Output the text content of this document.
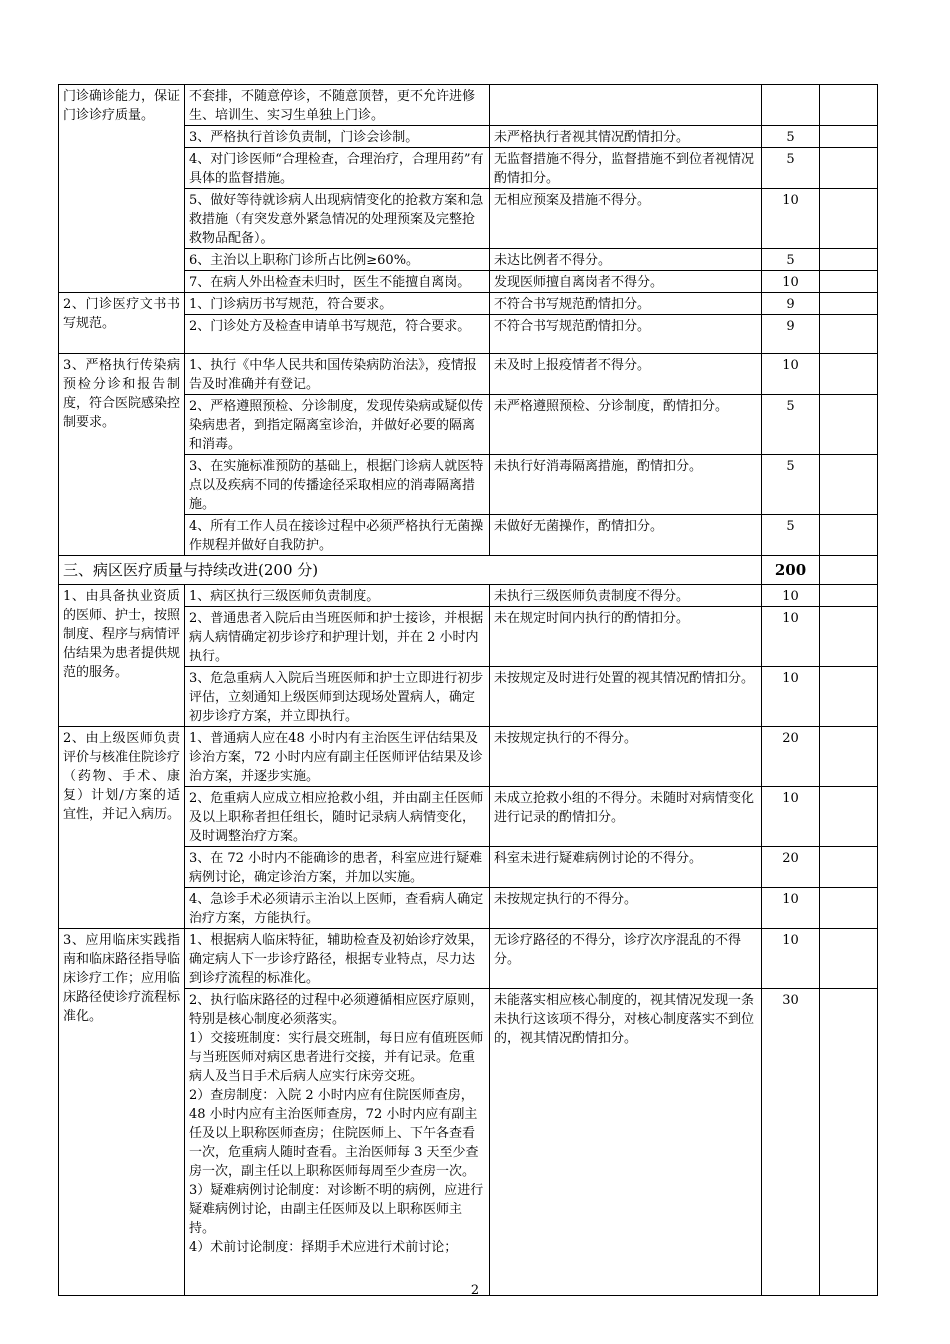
门诊确诊能力，保证门诊诊疗质量。	不套排，不随意停诊，不随意顶替，更不允许进修生、培训生、实习生单独上门诊。			
	3、严格执行首诊负责制，门诊会诊制。	未严格执行者视其情况酌情扣分。	5	
	4、对门诊医师“合理检查，合理治疗，合理用药”有具体的监督措施。	无监督措施不得分，监督措施不到位者视情况酌情扣分。	5	
	5、做好等待就诊病人出现病情变化的抢救方案和急救措施（有突发意外紧急情况的处理预案及完整抢救物品配备）。	无相应预案及措施不得分。	10	
	6、主治以上职称门诊所占比例≥60%。	未达比例者不得分。	5	
	7、在病人外出检查未归时，医生不能擅自离岗。	发现医师擅自离岗者不得分。	10	
2、门诊医疗文书书写规范。	1、门诊病历书写规范，符合要求。	不符合书写规范酌情扣分。	9	
	2、门诊处方及检查申请单书写规范，符合要求。	不符合书写规范酌情扣分。	9	
3、严格执行传染病预检分诊和报告制度，符合医院感染控制要求。	1、执行《中华人民共和国传染病防治法》，疫情报告及时准确并有登记。	未及时上报疫情者不得分。	10	
	2、严格遵照预检、分诊制度，发现传染病或疑似传染病患者，到指定隔离室诊治，并做好必要的隔离和消毒。	未严格遵照预检、分诊制度，酌情扣分。	5	
	3、在实施标准预防的基础上，根据门诊病人就医特点以及疾病不同的传播途径采取相应的消毒隔离措施。	未执行好消毒隔离措施，酌情扣分。	5	
	4、所有工作人员在接诊过程中必须严格执行无菌操作规程并做好自我防护。	未做好无菌操作，酌情扣分。	5	
三、病区医疗质量与持续改进(200 分)			200	
1、由具备执业资质的医师、护士，按照制度、程序与病情评估结果为患者提供规范的服务。	1、病区执行三级医师负责制度。	未执行三级医师负责制度不得分。	10	
	2、普通患者入院后由当班医师和护士接诊，并根据病人病情确定初步诊疗和护理计划，并在 2 小时内执行。	未在规定时间内执行的酌情扣分。	10	
	3、危急重病人入院后当班医师和护士立即进行初步评估，立刻通知上级医师到达现场处置病人，确定初步诊疗方案，并立即执行。	未按规定及时进行处置的视其情况酌情扣分。	10	
2、由上级医师负责评价与核准住院诊疗（药物、手术、康复）计划/方案的适宜性，并记入病历。	1、普通病人应在48 小时内有主治医生评估结果及诊治方案，72 小时内应有副主任医师评估结果及诊治方案，并逐步实施。	未按规定执行的不得分。	20	
	2、危重病人应成立相应抢救小组，并由副主任医师及以上职称者担任组长，随时记录病人病情变化，及时调整治疗方案。	未成立抢救小组的不得分。未随时对病情变化进行记录的酌情扣分。	10	
	3、在 72 小时内不能确诊的患者，科室应进行疑难病例讨论，确定诊治方案，并加以实施。	科室未进行疑难病例讨论的不得分。	20	
	4、急诊手术必须请示主治以上医师，查看病人确定治疗方案，方能执行。	未按规定执行的不得分。	10	
3、应用临床实践指南和临床路径指导临床诊疗工作；应用临床路径使诊疗流程标准化。	1、根据病人临床特征，辅助检查及初始诊疗效果，确定病人下一步诊疗路径，根据专业特点，尽力达到诊疗流程的标准化。	无诊疗路径的不得分，诊疗次序混乱的不得分。	10	

	2、执行临床路径的过程中必须遵循相应医疗原则，特别是核心制度必须落实。
1）交接班制度：实行晨交班制，每日应有值班医师与当班医师对病区患者进行交接，并有记录。危重病人及当日手术后病人应实行床旁交班。
2）查房制度：入院 2 小时内应有住院医师查房，48 小时内应有主治医师查房，72 小时内应有副主任及以上职称医师查房；住院医师上、下午各查看一次，危重病人随时查看。主治医师每 3 天至少查房一次，副主任以上职称医师每周至少查房一次。
3）疑难病例讨论制度：对诊断不明的病例，应进行疑难病例讨论，由副主任医师及以上职称医师主持。
4）术前讨论制度：择期手术应进行术前讨论；	未能落实相应核心制度的，视其情况发现一条未执行这该项不得分，对核心制度落实不到位的，视其情况酌情扣分。	30	
2
